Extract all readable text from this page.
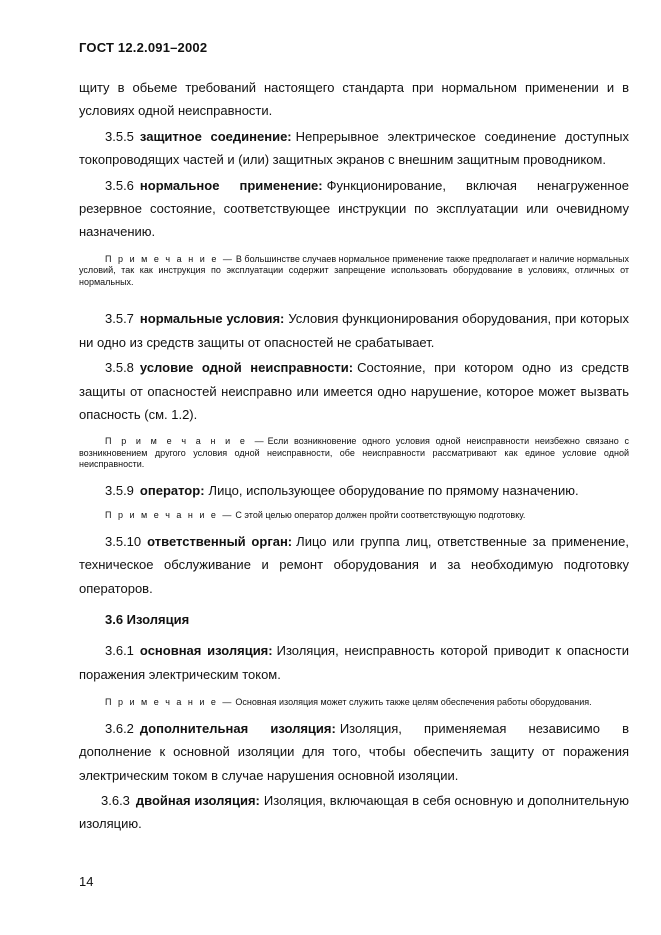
ГОСТ 12.2.091–2002

щиту в обьеме требований настоящего стандарта при нормальном применении и в условиях одной неисправности.

3.5.5 защитное соединение: Непрерывное электрическое соединение доступных токопроводящих частей и (или) защитных экранов с внешним защитным проводником.

3.5.6 нормальное применение: Функционирование, включая ненагруженное резервное состояние, соответствующее инструкции по эксплуатации или очевидному назначению.

П р и м е ч а н и е — В большинстве случаев нормальное применение также предполагает и наличие нормальных условий, так как инструкция по эксплуатации содержит запрещение использовать оборудование в условиях, отличных от нормальных.

3.5.7 нормальные условия: Условия функционирования оборудования, при которых ни одно из средств защиты от опасностей не срабатывает.

3.5.8 условие одной неисправности: Состояние, при котором одно из средств защиты от опасностей неисправно или имеется одно нарушение, которое может вызвать опасность (см. 1.2).

П р и м е ч а н и е — Если возникновение одного условия одной неисправности неизбежно связано с возникновением другого условия одной неисправности, обе неисправности рассматривают как единое условие одной неисправности.

3.5.9 оператор: Лицо, использующее оборудование по прямому назначению.

П р и м е ч а н и е — С этой целью оператор должен пройти соответствующую подготовку.

3.5.10 ответственный орган: Лицо или группа лиц, ответственные за применение, техническое обслуживание и ремонт оборудования и за необходимую подготовку операторов.

3.6 Изоляция

3.6.1 основная изоляция: Изоляция, неисправность которой приводит к опасности поражения электрическим током.

П р и м е ч а н и е — Основная изоляция может служить также целям обеспечения работы оборудования.

3.6.2 дополнительная изоляция: Изоляция, применяемая независимо в дополнение к основной изоляции для того, чтобы обеспечить защиту от поражения электрическим током в случае нарушения основной изоляции.

3.6.3 двойная изоляция: Изоляция, включающая в себя основную и дополнительную изоляцию.

14
